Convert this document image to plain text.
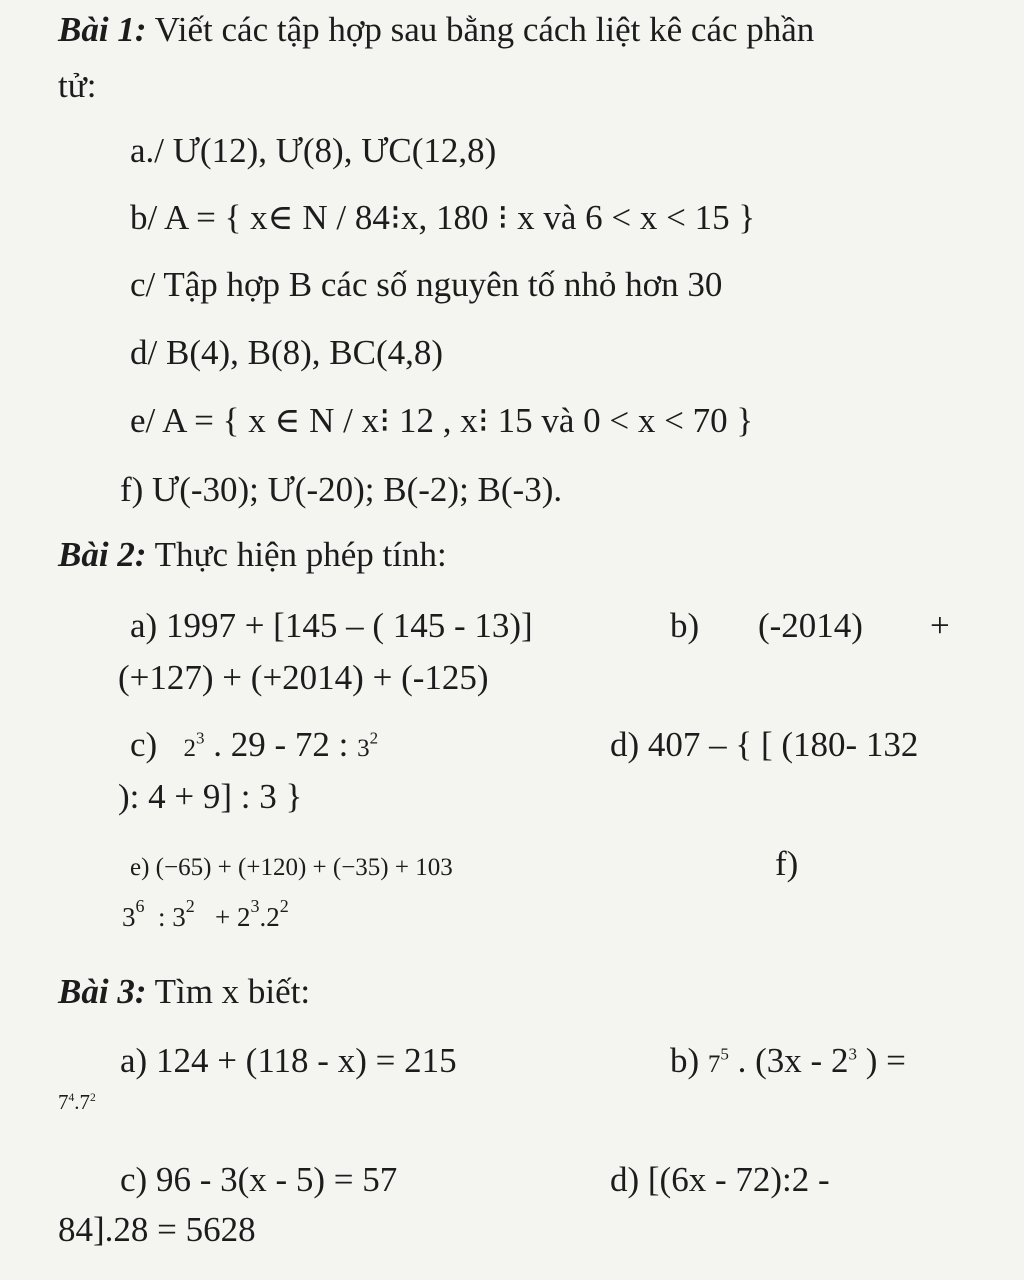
Bài 1: Viết các tập hợp sau bằng cách liệt kê các phần
tử:
a./ Ư(12), Ư(8), ƯC(12,8)
b/ A = { x∈ N / 84⁝x, 180 ⁝ x và 6 < x < 15 }
c/ Tập hợp B các số nguyên tố nhỏ hơn 30
d/ B(4), B(8), BC(4,8)
e/ A = { x ∈ N / x⁝ 12 , x⁝ 15 và 0 < x < 70 }
f) Ư(-30); Ư(-20); B(-2); B(-3).
Bài 2: Thực hiện phép tính:
a) 1997 + [145 – ( 145 - 13)]	b) (-2014) +
(+127) + (+2014) + (-125)
c) $2^3$ . 29 - 72 : $3^2$	d) 407 – { [ (180- 132
): 4 + 9] : 3 }
e) (−65) + (+120) + (−35) + 103	f)
$3^6$ : $3^2 + 2^3.2^2$
Bài 3: Tìm x biết:
a) 124 + (118 - x) = 215	b) $7^5$ . ($3x - 2^3$ ) =
$7^4.7^2$
c) 96 - 3(x - 5) = 57	d) [(6x - 72):2 -
84].28 = 5628
